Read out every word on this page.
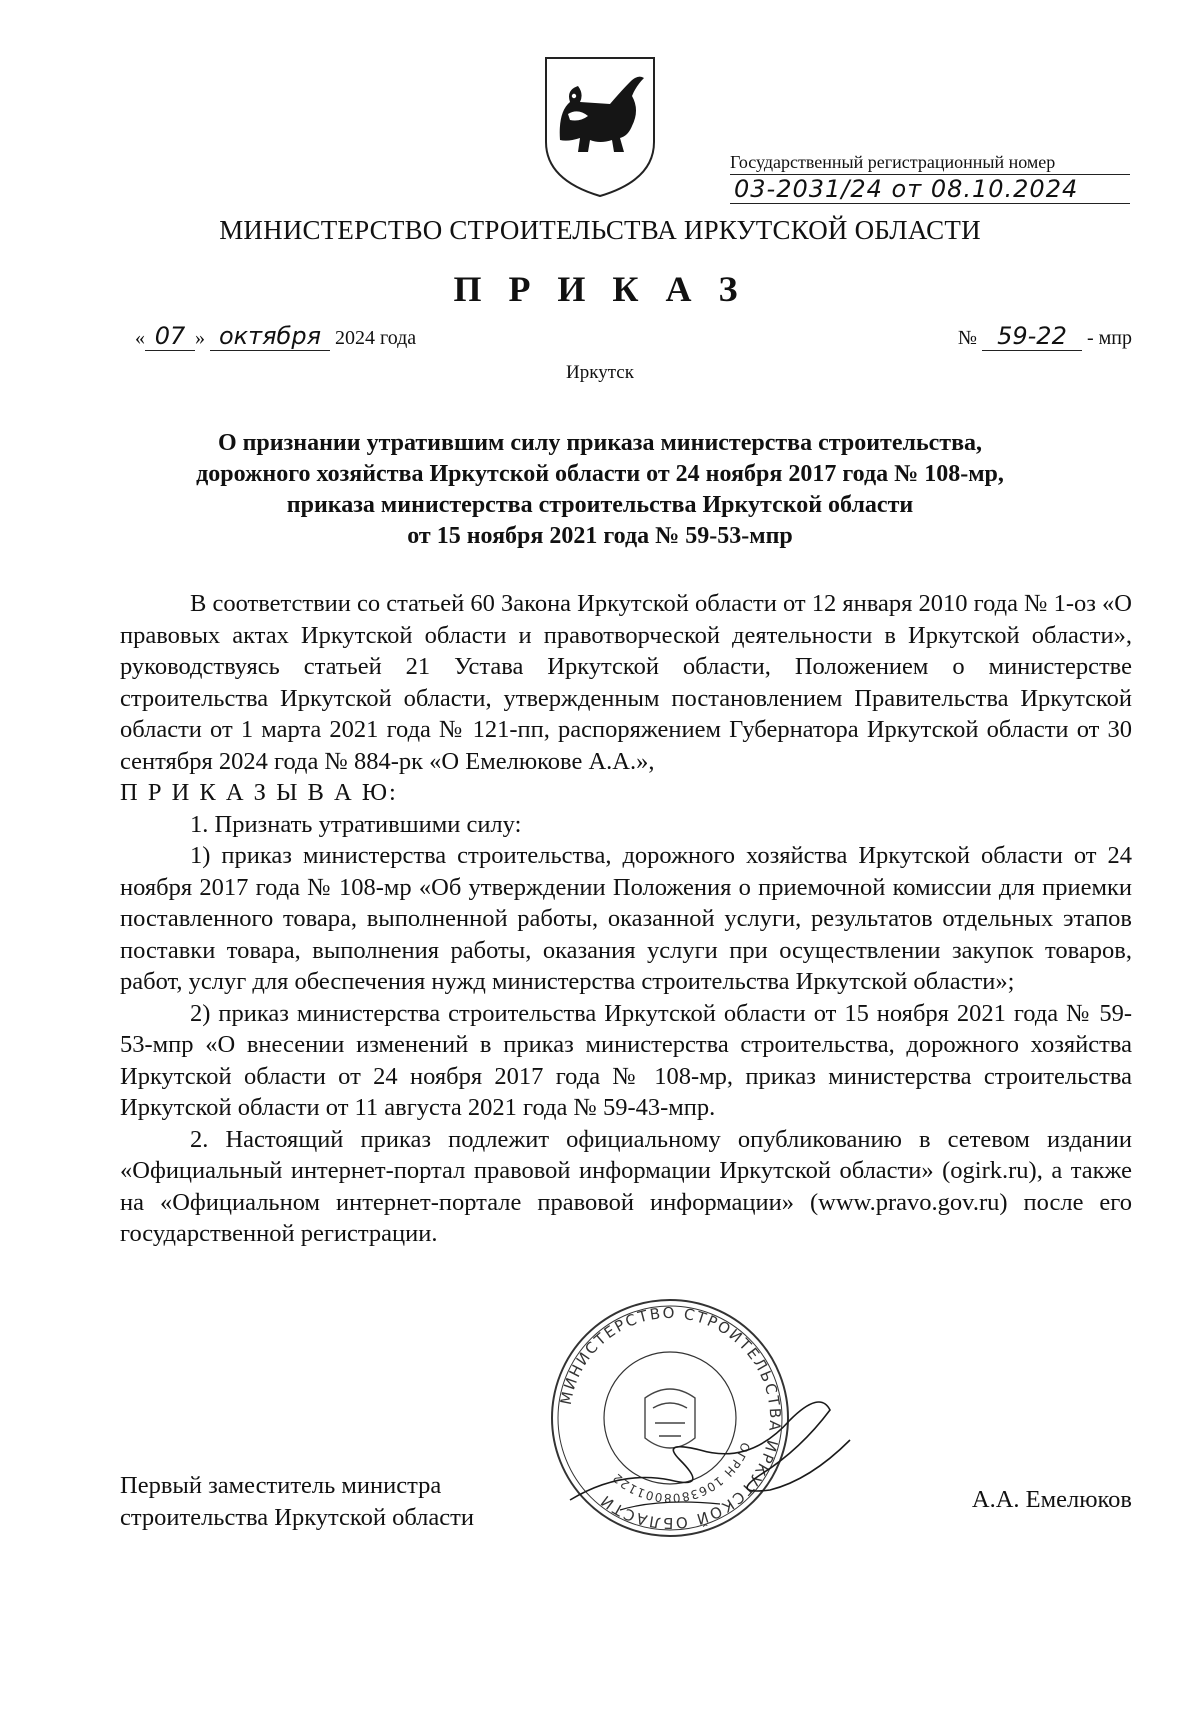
Государственный регистрационный номер
03-2031/24 от 08.10.2024
МИНИСТЕРСТВО СТРОИТЕЛЬСТВА ИРКУТСКОЙ ОБЛАСТИ
П Р И К А З
« 07 » октября 2024 года	№ 59-22 - мпр
Иркутск
О признании утратившим силу приказа министерства строительства,
дорожного хозяйства Иркутской области от 24 ноября 2017 года № 108-мр,
приказа министерства строительства Иркутской области
от 15 ноября 2021 года № 59-53-мпр

В соответствии со статьей 60 Закона Иркутской области от 12 января 2010 года № 1-оз «О правовых актах Иркутской области и правотворческой деятельности в Иркутской области», руководствуясь статьей 21 Устава Иркутской области, Положением о министерстве строительства Иркутской области, утвержденным постановлением Правительства Иркутской области от 1 марта 2021 года № 121-пп, распоряжением Губернатора Иркутской области от 30 сентября 2024 года № 884-рк «О Емелюкове А.А.»,

П Р И К А З Ы В А Ю:

1. Признать утратившими силу:

1) приказ министерства строительства, дорожного хозяйства Иркутской области от 24 ноября 2017 года № 108-мр «Об утверждении Положения о приемочной комиссии для приемки поставленного товара, выполненной работы, оказанной услуги, результатов отдельных этапов поставки товара, выполнения работы, оказания услуги при осуществлении закупок товаров, работ, услуг для обеспечения нужд министерства строительства Иркутской области»;

2) приказ министерства строительства Иркутской области от 15 ноября 2021 года № 59-53-мпр «О внесении изменений в приказ министерства строительства, дорожного хозяйства Иркутской области от 24 ноября 2017 года № 108-мр, приказ министерства строительства Иркутской области от 11 августа 2021 года № 59-43-мпр.

2. Настоящий приказ подлежит официальному опубликованию в сетевом издании «Официальный интернет-портал правовой информации Иркутской области» (ogirk.ru), а также на «Официальном интернет-портале правовой информации» (www.pravo.gov.ru) после его государственной регистрации.

МИНИСТЕРСТВО СТРОИТЕЛЬСТВА ИРКУТСКОЙ ОБЛАСТИ
ОГРН 1063808001122
Первый заместитель министра
строительства Иркутской области
А.А. Емелюков
